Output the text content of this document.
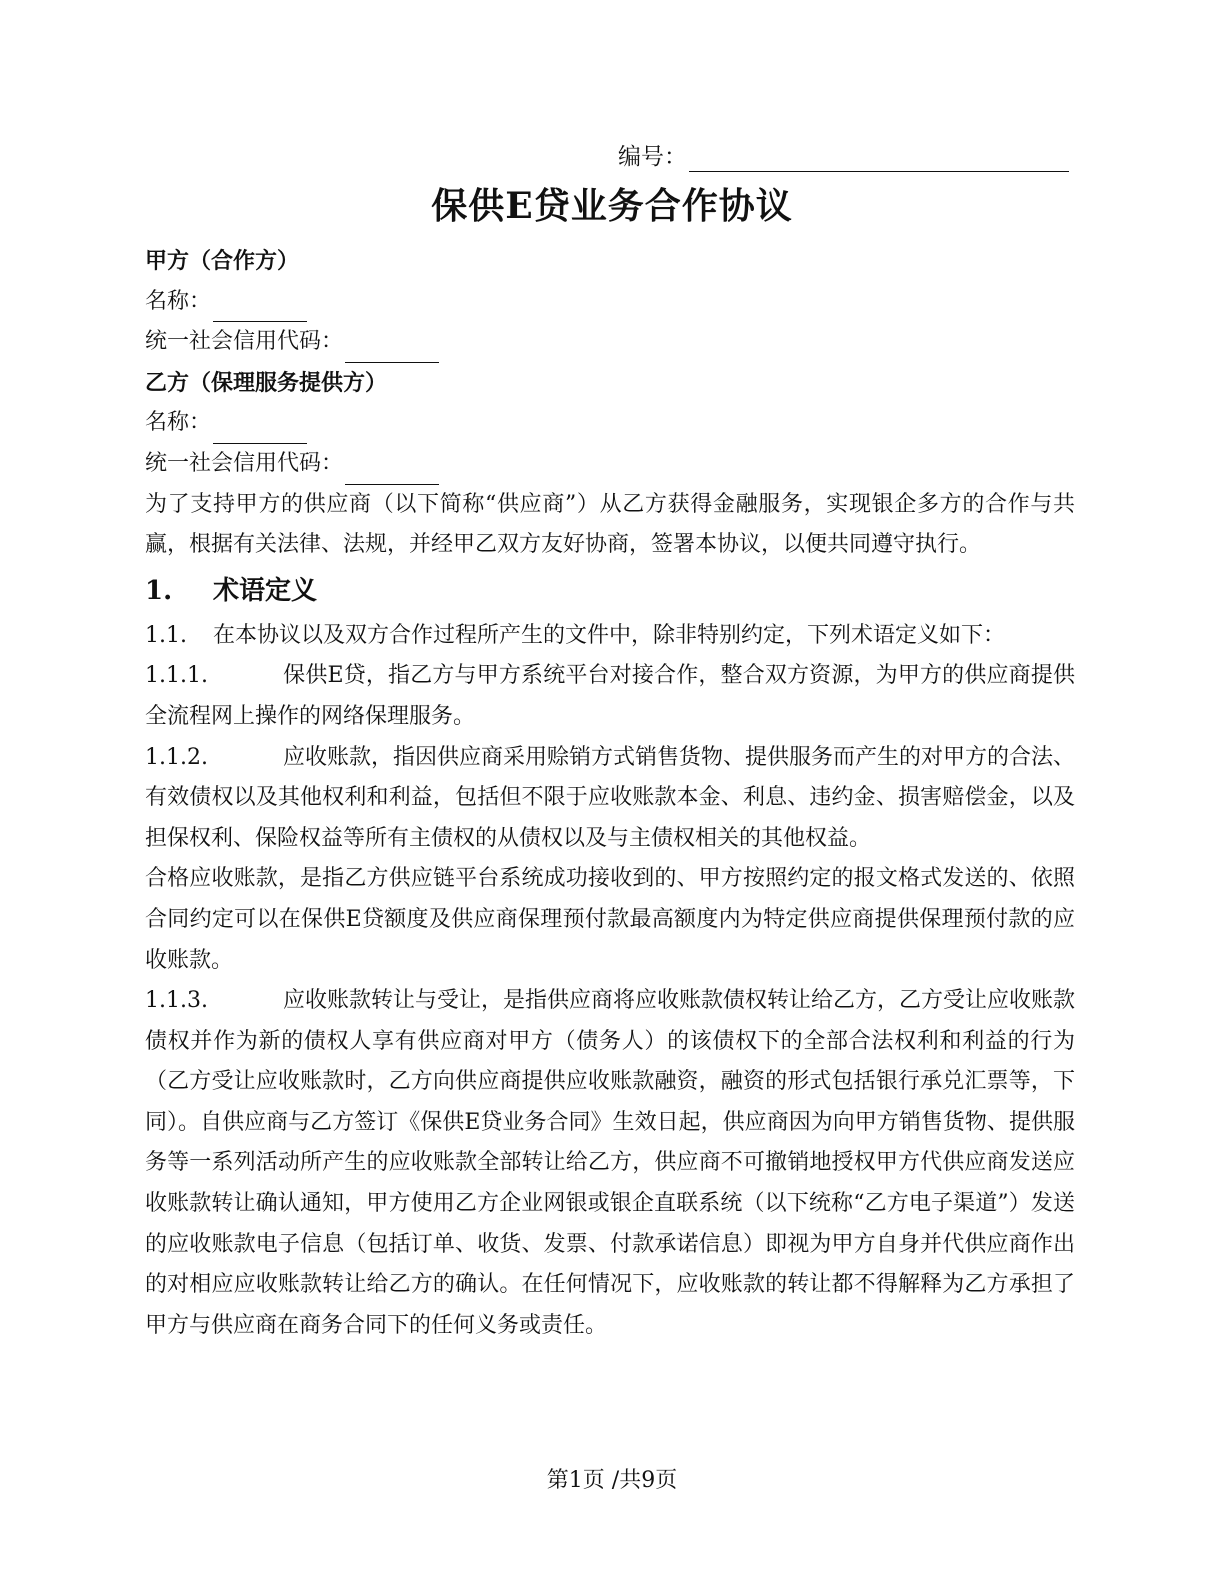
编号：
保供E贷业务合作协议
甲方（合作方）
名称：
统一社会信用代码：
乙方（保理服务提供方）
名称：
统一社会信用代码：
为了支持甲方的供应商（以下简称“供应商”）从乙方获得金融服务，实现银企多方的合作与共赢，根据有关法律、法规，并经甲乙双方友好协商，签署本协议，以便共同遵守执行。
1. 术语定义
1.1. 在本协议以及双方合作过程所产生的文件中，除非特别约定，下列术语定义如下：
1.1.1.	保供E贷，指乙方与甲方系统平台对接合作，整合双方资源，为甲方的供应商提供全流程网上操作的网络保理服务。
1.1.2.	应收账款，指因供应商采用赊销方式销售货物、提供服务而产生的对甲方的合法、有效债权以及其他权利和利益，包括但不限于应收账款本金、利息、违约金、损害赔偿金，以及担保权利、保险权益等所有主债权的从债权以及与主债权相关的其他权益。
合格应收账款，是指乙方供应链平台系统成功接收到的、甲方按照约定的报文格式发送的、依照合同约定可以在保供E贷额度及供应商保理预付款最高额度内为特定供应商提供保理预付款的应收账款。
1.1.3.	应收账款转让与受让，是指供应商将应收账款债权转让给乙方，乙方受让应收账款债权并作为新的债权人享有供应商对甲方（债务人）的该债权下的全部合法权利和利益的行为（乙方受让应收账款时，乙方向供应商提供应收账款融资，融资的形式包括银行承兑汇票等，下同）。自供应商与乙方签订《保供E贷业务合同》生效日起，供应商因为向甲方销售货物、提供服务等一系列活动所产生的应收账款全部转让给乙方，供应商不可撤销地授权甲方代供应商发送应收账款转让确认通知，甲方使用乙方企业网银或银企直联系统（以下统称“乙方电子渠道”）发送的应收账款电子信息（包括订单、收货、发票、付款承诺信息）即视为甲方自身并代供应商作出的对相应应收账款转让给乙方的确认。在任何情况下，应收账款的转让都不得解释为乙方承担了甲方与供应商在商务合同下的任何义务或责任。
第1页 /共9页
